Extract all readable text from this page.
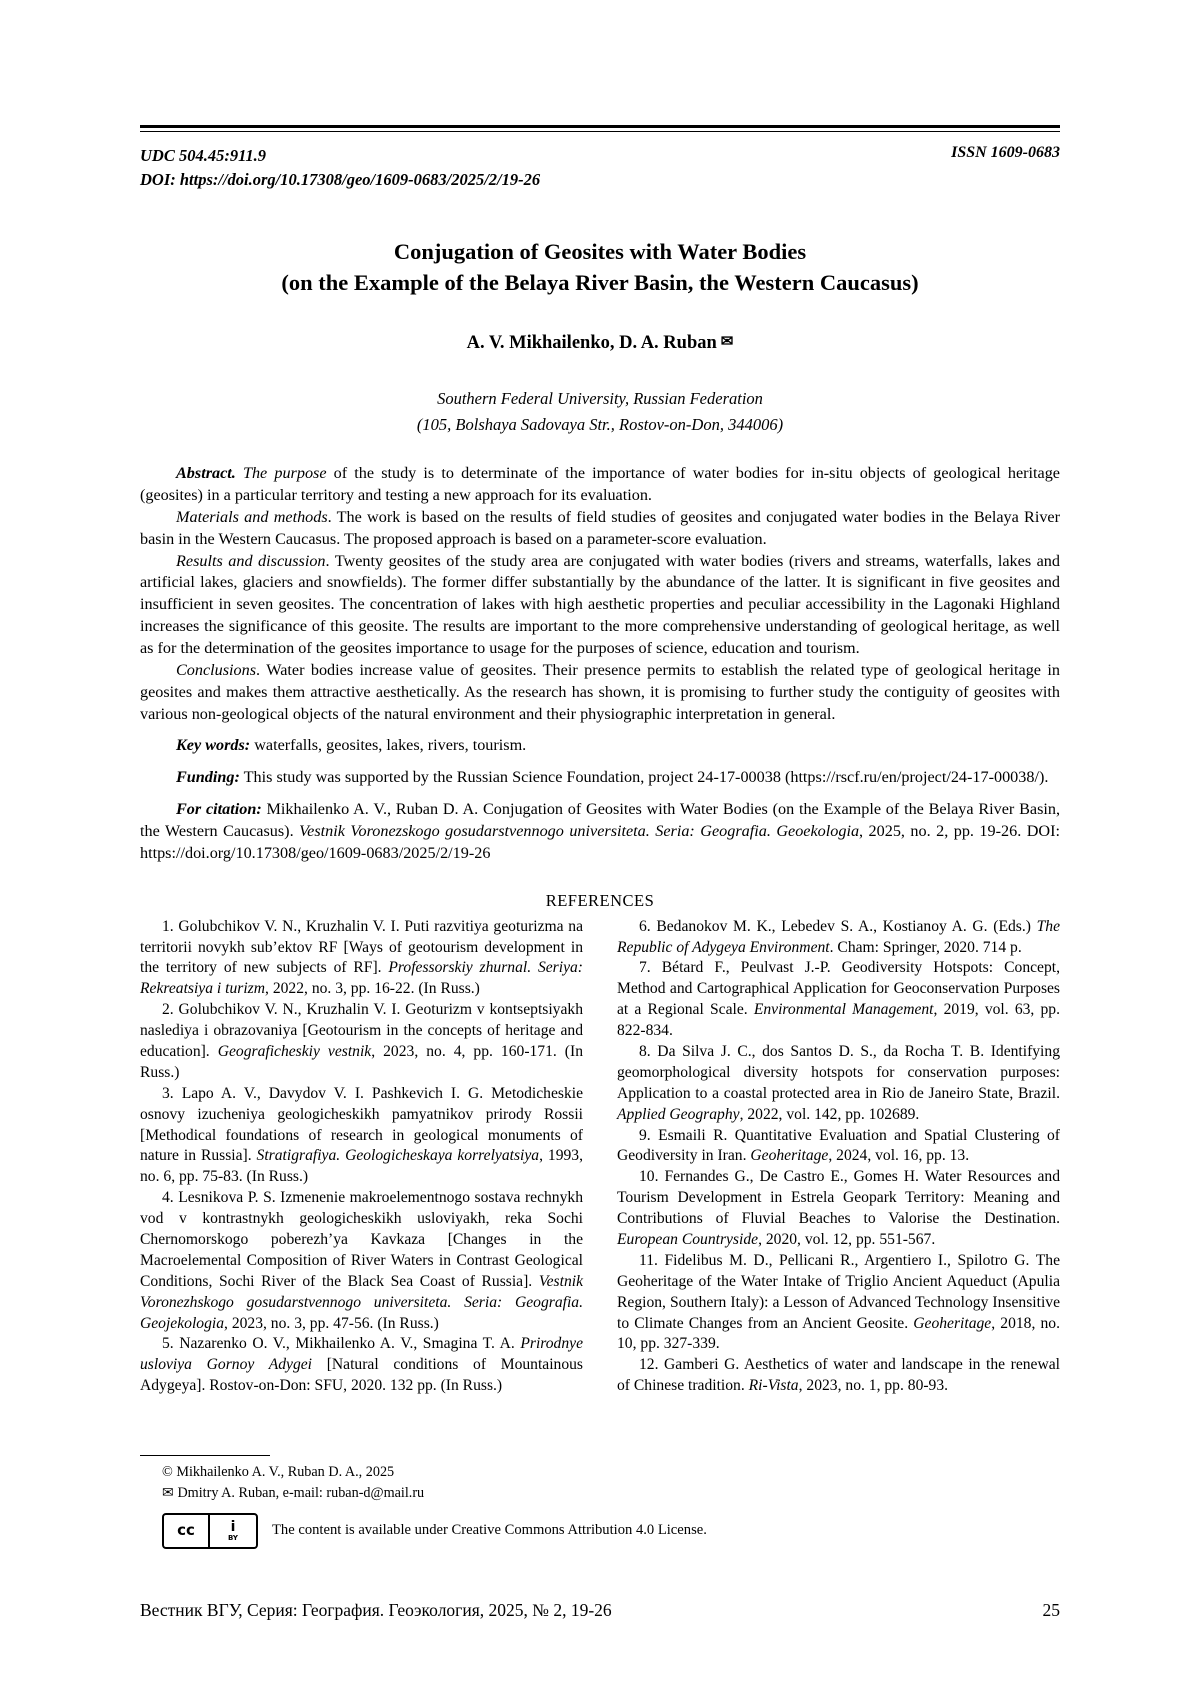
UDC 504.45:911.9
DOI: https://doi.org/10.17308/geo/1609-0683/2025/2/19-26
ISSN 1609-0683
Conjugation of Geosites with Water Bodies
(on the Example of the Belaya River Basin, the Western Caucasus)
A. V. Mikhailenko, D. A. Ruban ✉
Southern Federal University, Russian Federation
(105, Bolshaya Sadovaya Str., Rostov-on-Don, 344006)

Abstract. The purpose of the study is to determinate of the importance of water bodies for in-situ objects of geological heritage (geosites) in a particular territory and testing a new approach for its evaluation.

Materials and methods. The work is based on the results of field studies of geosites and conjugated water bodies in the Belaya River basin in the Western Caucasus. The proposed approach is based on a parameter-score evaluation.

Results and discussion. Twenty geosites of the study area are conjugated with water bodies (rivers and streams, waterfalls, lakes and artificial lakes, glaciers and snowfields). The former differ substantially by the abundance of the latter. It is significant in five geosites and insufficient in seven geosites. The concentration of lakes with high aesthetic properties and peculiar accessibility in the Lagonaki Highland increases the significance of this geosite. The results are important to the more comprehensive understanding of geological heritage, as well as for the determination of the geosites importance to usage for the purposes of science, education and tourism.

Conclusions. Water bodies increase value of geosites. Their presence permits to establish the related type of geological heritage in geosites and makes them attractive aesthetically. As the research has shown, it is promising to further study the contiguity of geosites with various non-geological objects of the natural environment and their physiographic interpretation in general.

Key words: waterfalls, geosites, lakes, rivers, tourism.

Funding: This study was supported by the Russian Science Foundation, project 24-17-00038 (https://rscf.ru/en/project/24-17-00038/).

For citation: Mikhailenko A. V., Ruban D. A. Conjugation of Geosites with Water Bodies (on the Example of the Belaya River Basin, the Western Caucasus). Vestnik Voronezskogo gosudarstvennogo universiteta. Seria: Geografia. Geoekologia, 2025, no. 2, pp. 19-26. DOI: https://doi.org/10.17308/geo/1609-0683/2025/2/19-26

REFERENCES

1. Golubchikov V. N., Kruzhalin V. I. Puti razvitiya geoturizma na territorii novykh sub’ektov RF [Ways of geotourism development in the territory of new subjects of RF]. Professorskiy zhurnal. Seriya: Rekreatsiya i turizm, 2022, no. 3, pp. 16-22. (In Russ.)

2. Golubchikov V. N., Kruzhalin V. I. Geoturizm v kontseptsiyakh naslediya i obrazovaniya [Geotourism in the concepts of heritage and education]. Geograficheskiy vestnik, 2023, no. 4, pp. 160-171. (In Russ.)

3. Lapo A. V., Davydov V. I. Pashkevich I. G. Metodicheskie osnovy izucheniya geologicheskikh pamyatnikov prirody Rossii [Methodical foundations of research in geological monuments of nature in Russia]. Stratigrafiya. Geologicheskaya korrelyatsiya, 1993, no. 6, pp. 75-83. (In Russ.)

4. Lesnikova P. S. Izmenenie makroelementnogo sostava rechnykh vod v kontrastnykh geologicheskikh usloviyakh, reka Sochi Chernomorskogo poberezh’ya Kavkaza [Changes in the Macroelemental Composition of River Waters in Contrast Geological Conditions, Sochi River of the Black Sea Coast of Russia]. Vestnik Voronezhskogo gosudarstvennogo universiteta. Seria: Geografia. Geojekologia, 2023, no. 3, pp. 47-56. (In Russ.)

5. Nazarenko O. V., Mikhailenko A. V., Smagina T. A. Prirodnye usloviya Gornoy Adygei [Natural conditions of Mountainous Adygeya]. Rostov-on-Don: SFU, 2020. 132 pp. (In Russ.)

6. Bedanokov M. K., Lebedev S. A., Kostianoy A. G. (Eds.) The Republic of Adygeya Environment. Cham: Springer, 2020. 714 p.

7. Bétard F., Peulvast J.-P. Geodiversity Hotspots: Concept, Method and Cartographical Application for Geoconservation Purposes at a Regional Scale. Environmental Management, 2019, vol. 63, pp. 822-834.

8. Da Silva J. C., dos Santos D. S., da Rocha T. B. Identifying geomorphological diversity hotspots for conservation purposes: Application to a coastal protected area in Rio de Janeiro State, Brazil. Applied Geography, 2022, vol. 142, pp. 102689.

9. Esmaili R. Quantitative Evaluation and Spatial Clustering of Geodiversity in Iran. Geoheritage, 2024, vol. 16, pp. 13.

10. Fernandes G., De Castro E., Gomes H. Water Resources and Tourism Development in Estrela Geopark Territory: Meaning and Contributions of Fluvial Beaches to Valorise the Destination. European Countryside, 2020, vol. 12, pp. 551-567.

11. Fidelibus M. D., Pellicani R., Argentiero I., Spilotro G. The Geoheritage of the Water Intake of Triglio Ancient Aqueduct (Apulia Region, Southern Italy): a Lesson of Advanced Technology Insensitive to Climate Changes from an Ancient Geosite. Geoheritage, 2018, no. 10, pp. 327-339.

12. Gamberi G. Aesthetics of water and landscape in the renewal of Chinese tradition. Ri-Vista, 2023, no. 1, pp. 80-93.

© Mikhailenko A. V., Ruban D. A., 2025
✉ Dmitry A. Ruban, e-mail: ruban-d@mail.ru
cc	i
BY The content is available under Creative Commons Attribution 4.0 License.
Вестник ВГУ, Серия: География. Геоэкология, 2025, № 2, 19-26	25
